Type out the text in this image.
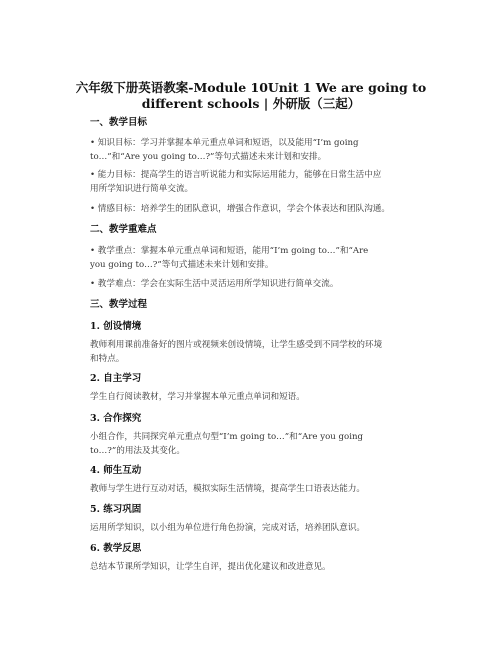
六年级下册英语教案-Module 10Unit 1 We are going to
different schools | 外研版（三起）
一、教学目标
• 知识目标：学习并掌握本单元重点单词和短语，以及能用“I’m going
to…”和“Are you going to…?”等句式描述未来计划和安排。
• 能力目标：提高学生的语言听说能力和实际运用能力，能够在日常生活中应
用所学知识进行简单交流。
• 情感目标：培养学生的团队意识，增强合作意识，学会个体表达和团队沟通。
二、教学重难点
• 教学重点：掌握本单元重点单词和短语，能用“I’m going to…”和“Are
you going to…?”等句式描述未来计划和安排。
• 教学难点：学会在实际生活中灵活运用所学知识进行简单交流。
三、教学过程
1. 创设情境
教师利用课前准备好的图片或视频来创设情境，让学生感受到不同学校的环境
和特点。
2. 自主学习
学生自行阅读教材，学习并掌握本单元重点单词和短语。
3. 合作探究
小组合作，共同探究单元重点句型“I’m going to…”和“Are you going
to…?”的用法及其变化。
4. 师生互动
教师与学生进行互动对话，模拟实际生活情境，提高学生口语表达能力。
5. 练习巩固
运用所学知识，以小组为单位进行角色扮演，完成对话，培养团队意识。
6. 教学反思
总结本节课所学知识，让学生自评，提出优化建议和改进意见。
